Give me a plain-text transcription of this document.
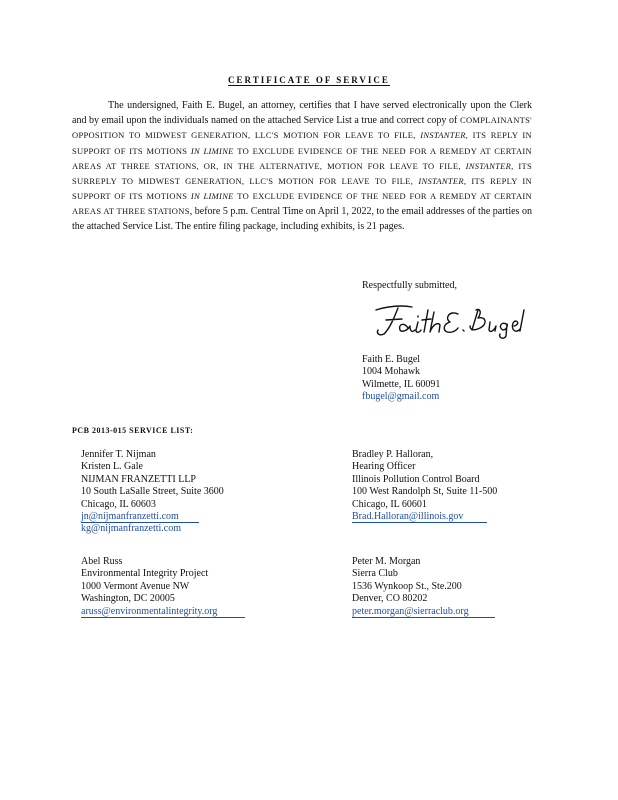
CERTIFICATE OF SERVICE
The undersigned, Faith E. Bugel, an attorney, certifies that I have served electronically upon the Clerk and by email upon the individuals named on the attached Service List a true and correct copy of COMPLAINANTS' OPPOSITION TO MIDWEST GENERATION, LLC'S MOTION FOR LEAVE TO FILE, INSTANTER, ITS REPLY IN SUPPORT OF ITS MOTIONS IN LIMINE TO EXCLUDE EVIDENCE OF THE NEED FOR A REMEDY AT CERTAIN AREAS AT THREE STATIONS, OR, IN THE ALTERNATIVE, MOTION FOR LEAVE TO FILE, INSTANTER, ITS SURREPLY TO MIDWEST GENERATION, LLC'S MOTION FOR LEAVE TO FILE, INSTANTER, ITS REPLY IN SUPPORT OF ITS MOTIONS IN LIMINE TO EXCLUDE EVIDENCE OF THE NEED FOR A REMEDY AT CERTAIN AREAS AT THREE STATIONS, before 5 p.m. Central Time on April 1, 2022, to the email addresses of the parties on the attached Service List. The entire filing package, including exhibits, is 21 pages.
Respectfully submitted,
Faith E. Bugel
1004 Mohawk
Wilmette, IL 60091
fbugel@gmail.com
PCB 2013-015 SERVICE LIST:
Jennifer T. Nijman
Kristen L. Gale
NIJMAN FRANZETTI LLP
10 South LaSalle Street, Suite 3600
Chicago, IL 60603
jn@nijmanfranzetti.com
kg@nijmanfranzetti.com
Bradley P. Halloran,
Hearing Officer
Illinois Pollution Control Board
100 West Randolph St, Suite 11-500
Chicago, IL 60601
Brad.Halloran@illinois.gov
Abel Russ
Environmental Integrity Project
1000 Vermont Avenue NW
Washington, DC 20005
aruss@environmentalintegrity.org
Peter M. Morgan
Sierra Club
1536 Wynkoop St., Ste.200
Denver, CO 80202
peter.morgan@sierraclub.org
